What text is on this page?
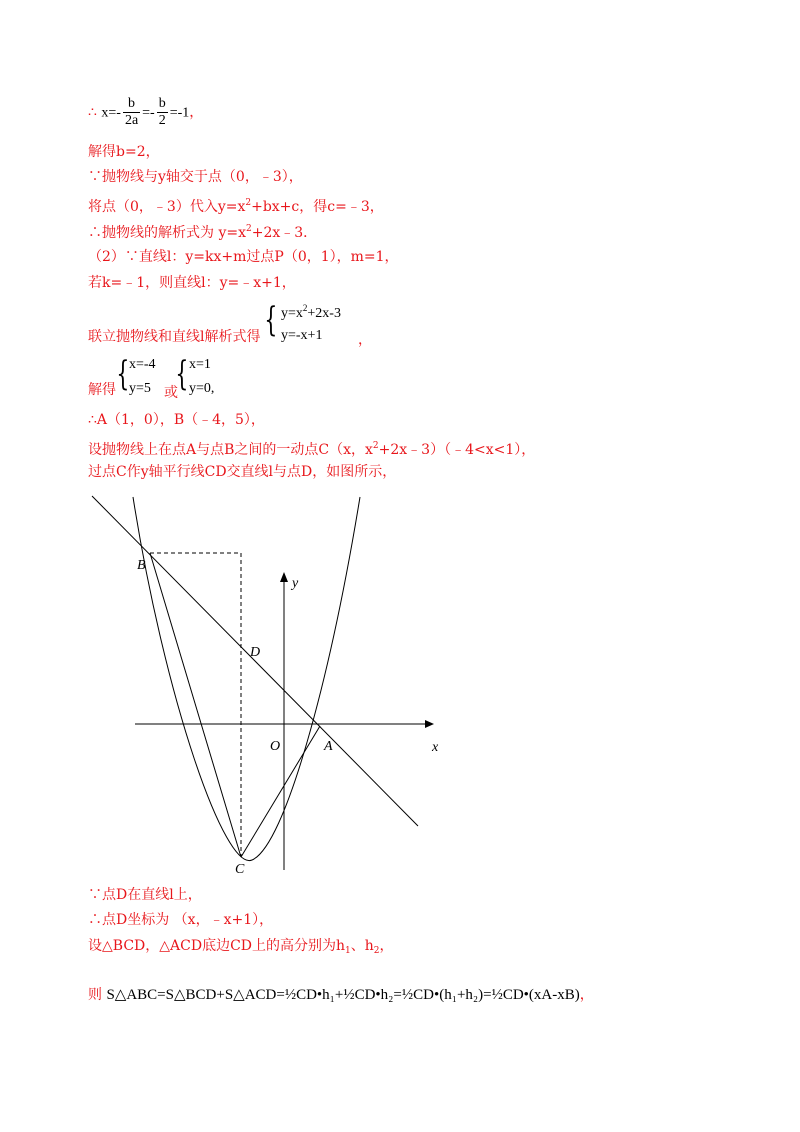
∴ $x=- \frac{b}{2a} =- \frac{b}{2} =-1$，
解得b=2，
∵抛物线与y轴交于点（0，﹣3），
将点（0，﹣3）代入$y=x^2+bx+c$，得c=﹣3，
∴抛物线的解析式为 $y=x^2+2x﹣3$．
（2）∵直线l：y=kx+m过点P（0，1），m=1，
若k=﹣1，则直线l：y=﹣x+1，
联立抛物线和直线l解析式得 { $y=x^2+2x-3$
y=-x+1	，
解得 { x=-4
y=5 或
{ x=1
y=0,
∴A（1，0），B（﹣4，5），
设抛物线上在点A与点B之间的一动点C（x，$x^2+2x﹣3)(﹣4<x<1)$，
过点C作y轴平行线CD交直线l与点D，如图所示，
B
D
C
O	A	x
y
∵点D在直线l上，
∴点D坐标为 （x，﹣x+1），
设△BCD，△ACD底边CD上的高分别为$h_1$、$h_2$，
则 S△ABC=S△BCD+S△ACD=½CD•h₁+½CD•h₂=½CD•(h₁+h₂)=½CD•(xA-xB)，
